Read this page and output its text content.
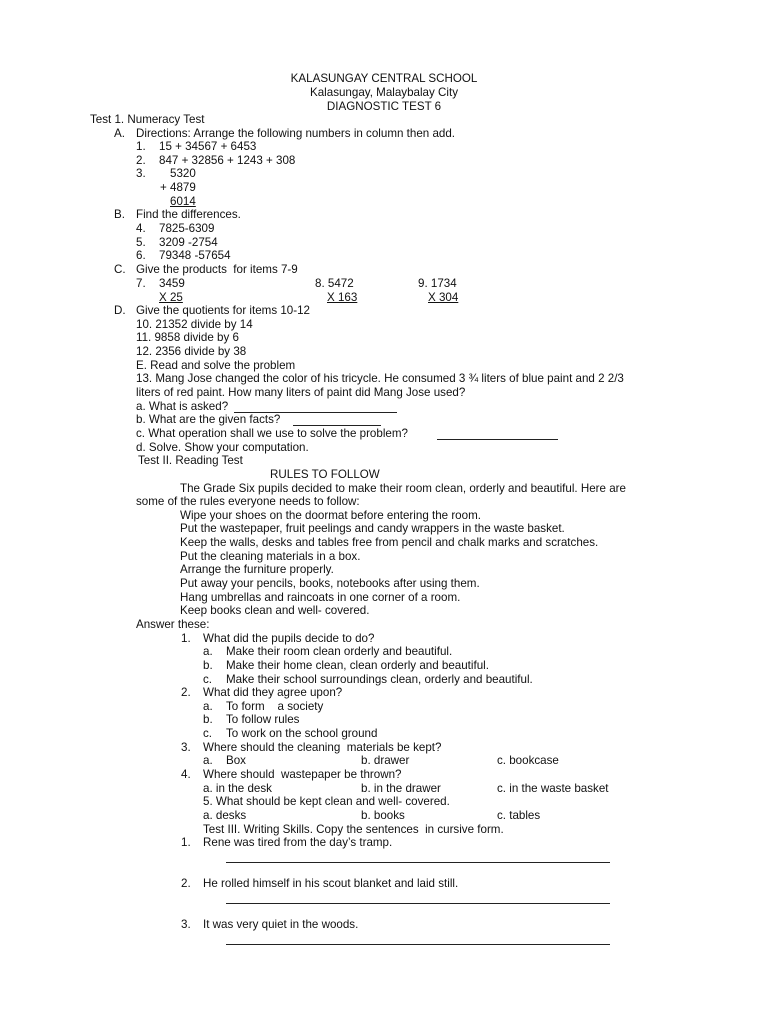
KALASUNGAY CENTRAL SCHOOL
Kalasungay, Malaybalay City
DIAGNOSTIC TEST 6
Test 1. Numeracy Test
A. Directions: Arrange the following numbers in column then add.
1. 15 + 34567 + 6453
2. 847 + 32856 + 1243 + 308
3. 5320
+ 4879
6014
B. Find the differences.
4. 7825-6309
5. 3209 -2754
6. 79348 -57654
C. Give the products  for items 7-9
7. 3459	8. 5472	9. 1734
X 25	X 163	X 304
D. Give the quotients for items 10-12
10. 21352 divide by 14
11. 9858 divide by 6
12. 2356 divide by 38
E. Read and solve the problem
13. Mang Jose changed the color of his tricycle. He consumed 3 ¾ liters of blue paint and 2 2/3
liters of red paint. How many liters of paint did Mang Jose used?
a. What is asked?
b. What are the given facts?
c. What operation shall we use to solve the problem?
d. Solve. Show your computation.
Test II. Reading Test
RULES TO FOLLOW
The Grade Six pupils decided to make their room clean, orderly and beautiful. Here are
some of the rules everyone needs to follow:
Wipe your shoes on the doormat before entering the room.
Put the wastepaper, fruit peelings and candy wrappers in the waste basket.
Keep the walls, desks and tables free from pencil and chalk marks and scratches.
Put the cleaning materials in a box.
Arrange the furniture properly.
Put away your pencils, books, notebooks after using them.
Hang umbrellas and raincoats in one corner of a room.
Keep books clean and well- covered.
Answer these:
1. What did the pupils decide to do?
a. Make their room clean orderly and beautiful.
b. Make their home clean, clean orderly and beautiful.
c. Make their school surroundings clean, orderly and beautiful.
2. What did they agree upon?
a. To form    a society
b. To follow rules
c. To work on the school ground
3. Where should the cleaning  materials be kept?
a. Box	b. drawer	c. bookcase
4. Where should  wastepaper be thrown?
a. in the desk	b. in the drawer	c. in the waste basket
5. What should be kept clean and well- covered.
a. desks	b. books	c. tables
Test III. Writing Skills. Copy the sentences  in cursive form.
1. Rene was tired from the day’s tramp.
2. He rolled himself in his scout blanket and laid still.
3. It was very quiet in the woods.
